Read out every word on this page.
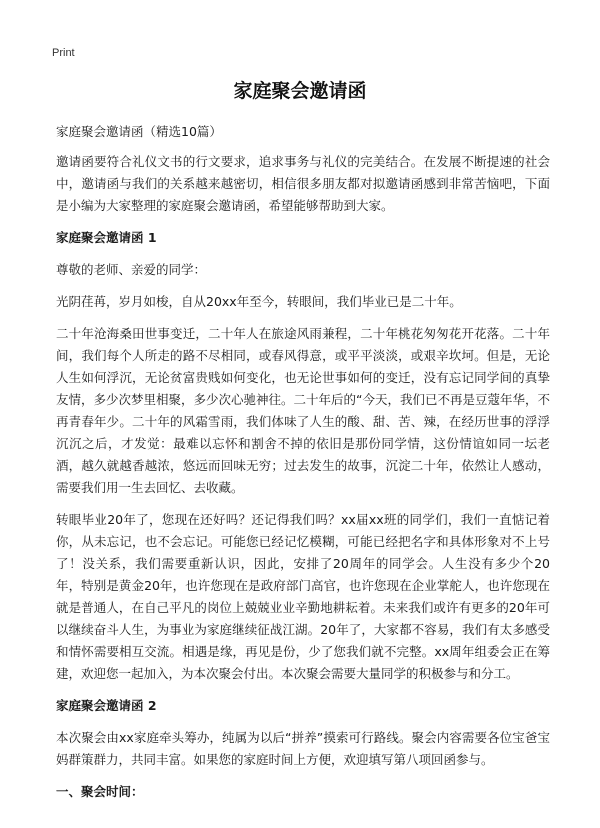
Print
家庭聚会邀请函

家庭聚会邀请函（精选10篇）

邀请函要符合礼仪文书的行文要求，追求事务与礼仪的完美结合。在发展不断提速的社会中，邀请函与我们的关系越来越密切，相信很多朋友都对拟邀请函感到非常苦恼吧，下面是小编为大家整理的家庭聚会邀请函，希望能够帮助到大家。

家庭聚会邀请函 1

尊敬的老师、亲爱的同学：

光阴荏苒，岁月如梭，自从20xx年至今，转眼间，我们毕业已是二十年。

二十年沧海桑田世事变迁，二十年人在旅途风雨兼程，二十年桃花匆匆花开花落。二十年间，我们每个人所走的路不尽相同，或春风得意，或平平淡淡，或艰辛坎坷。但是，无论人生如何浮沉，无论贫富贵贱如何变化，也无论世事如何的变迁，没有忘记同学间的真挚友情，多少次梦里相聚，多少次心驰神往。二十年后的“今天，我们已不再是豆蔻年华，不再青春年少。二十年的风霜雪雨，我们体味了人生的酸、甜、苦、辣，在经历世事的浮浮沉沉之后，才发觉：最难以忘怀和割舍不掉的依旧是那份同学情，这份情谊如同一坛老酒，越久就越香越浓，悠远而回味无穷；过去发生的故事，沉淀二十年，依然让人感动，需要我们用一生去回忆、去收藏。

转眼毕业20年了，您现在还好吗？还记得我们吗？xx届xx班的同学们，我们一直惦记着你，从未忘记，也不会忘记。可能您已经记忆模糊，可能已经把名字和具体形象对不上号了！没关系，我们需要重新认识，因此，安排了20周年的同学会。人生没有多少个20年，特别是黄金20年，也许您现在是政府部门高官，也许您现在企业掌舵人，也许您现在就是普通人，在自己平凡的岗位上兢兢业业辛勤地耕耘着。未来我们或许有更多的20年可以继续奋斗人生，为事业为家庭继续征战江湖。20年了，大家都不容易，我们有太多感受和情怀需要相互交流。相遇是缘，再见是份，少了您我们就不完整。xx周年组委会正在筹建，欢迎您一起加入，为本次聚会付出。本次聚会需要大量同学的积极参与和分工。

家庭聚会邀请函 2

本次聚会由xx家庭牵头筹办，纯属为以后“拼养”摸索可行路线。聚会内容需要各位宝爸宝妈群策群力，共同丰富。如果您的家庭时间上方便，欢迎填写第八项回函参与。

一、聚会时间：
